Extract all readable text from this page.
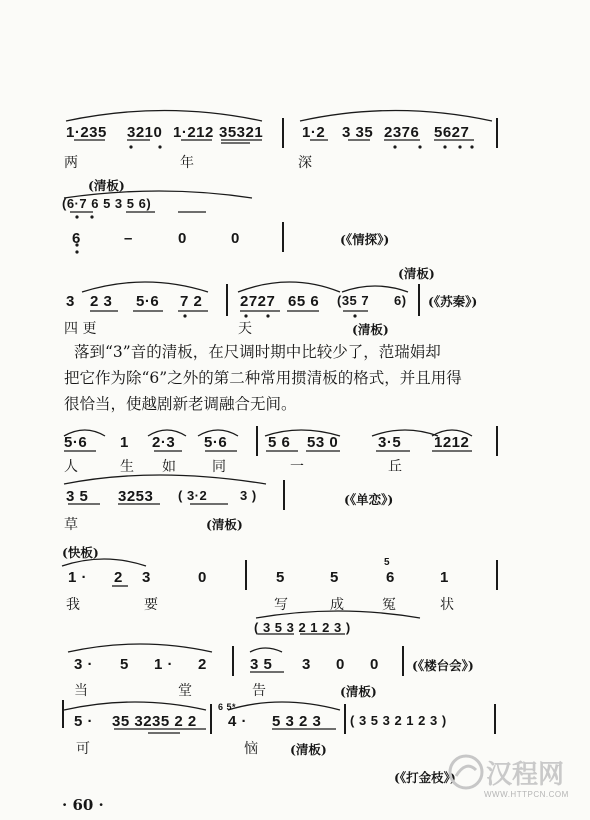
1·235 3210 1·212 35321	1·2 3 35 2376 5627
两	年	深
(清板)
(6·7 6 5 3 5 6)
6	–	0	0	(《情探》)
(清板)
3 2 3 5·6 7 2	2727 65 6 (35 7 6) (《苏秦》)
四 更	天	(清板)
落到“3”音的清板，在尺调时期中比较少了，范瑞娟却
把它作为除“6”之外的第二种常用掼清板的格式，并且用得
很恰当，使越剧新老调融合无间。
5·6 1 2·3 5·6	5 6 53 0	3·5 1212
人	生 如	同	一	丘
3 5 3253 ( 3·2	3 )	(《单恋》)
草	(清板)
(快板)
1 · 2 3	0	5	5
5
6	1
我	要	写	成	冤	状
( 3 5 3 2 1 2 3 )
3 · 5 1 · 2	3 5 3 0 0	(《楼台会》)
当	堂	告	(清板)
5 · 35 3235 2 2
6 5*
4 · 5 3 2 3 ( 3 5 3 2 1 2 3 )
可	恼	(清板)
(《打金枝》)
· 60 ·
汉程网
WWW.HTTPCN.COM
